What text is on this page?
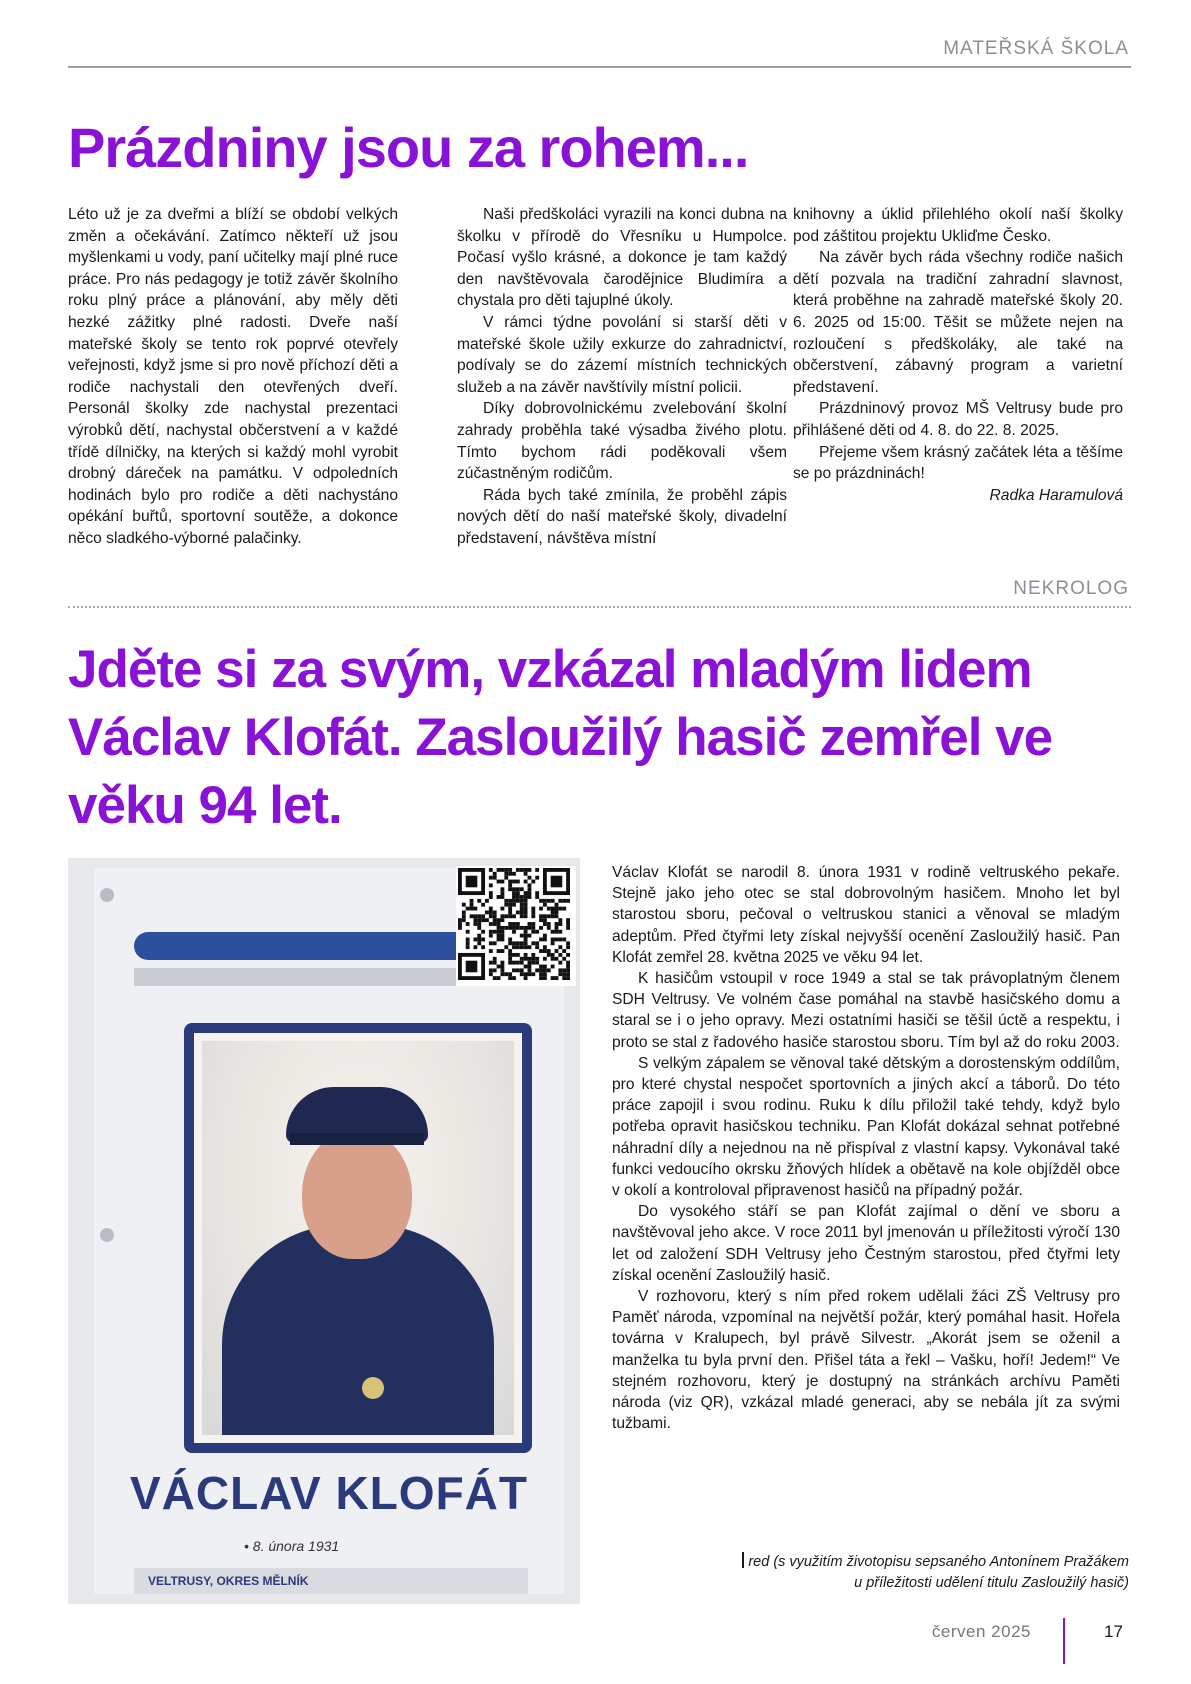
MATEŘSKÁ ŠKOLA
Prázdniny jsou za rohem...

Léto už je za dveřmi a blíží se období velkých změn a očekávání. Zatímco někteří už jsou myšlenkami u vody, paní učitelky mají plné ruce práce. Pro nás pedagogy je totiž závěr školního roku plný práce a plánování, aby měly děti hezké zážitky plné radosti. Dveře naší mateřské školy se tento rok poprvé otevřely veřejnosti, když jsme si pro nově příchozí děti a rodiče nachystali den otevřených dveří. Personál školky zde nachystal prezentaci výrobků dětí, nachystal občerstvení a v každé třídě dílničky, na kterých si každý mohl vyrobit drobný dáreček na památku. V odpoledních hodinách bylo pro rodiče a děti nachystáno opékání buřtů, sportovní soutěže, a dokonce něco sladkého-výborné palačinky.

Naši předškoláci vyrazili na konci dubna na školku v přírodě do Vřesníku u Humpolce. Počasí vyšlo krásné, a dokonce je tam každý den navštěvovala čarodějnice Bludimíra a chystala pro děti tajuplné úkoly.

V rámci týdne povolání si starší děti v mateřské škole užily exkurze do zahradnictví, podívaly se do zázemí místních technických služeb a na závěr navštívily místní policii.

Díky dobrovolnickému zvelebování školní zahrady proběhla také výsadba živého plotu. Tímto bychom rádi poděkovali všem zúčastněným rodičům.

Ráda bych také zmínila, že proběhl zápis nových dětí do naší mateřské školy, divadelní představení, návštěva místní

knihovny a úklid přilehlého okolí naší školky pod záštitou projektu Ukliďme Česko.

Na závěr bych ráda všechny rodiče našich dětí pozvala na tradiční zahradní slavnost, která proběhne na zahradě mateřské školy 20. 6. 2025 od 15:00. Těšit se můžete nejen na rozloučení s předškoláky, ale také na občerstvení, zábavný program a varietní představení.

Prázdninový provoz MŠ Veltrusy bude pro přihlášené děti od 4. 8. do 22. 8. 2025.

Přejeme všem krásný začátek léta a těšíme se po prázdninách!

Radka Haramulová

NEKROLOG
Jděte si za svým, vzkázal mladým lidem Václav Klofát. Zasloužilý hasič zemřel ve věku 94 let.
VÁCLAV KLOFÁT
• 8. února 1931
VELTRUSY, OKRES MĚLNÍK

Václav Klofát se narodil 8. února 1931 v rodině veltruského pekaře. Stejně jako jeho otec se stal dobrovolným hasičem. Mnoho let byl starostou sboru, pečoval o veltruskou stanici a věnoval se mladým adeptům. Před čtyřmi lety získal nejvyšší ocenění Zasloužilý hasič. Pan Klofát zemřel 28. května 2025 ve věku 94 let.

K hasičům vstoupil v roce 1949 a stal se tak právoplatným členem SDH Veltrusy. Ve volném čase pomáhal na stavbě hasičského domu a staral se i o jeho opravy. Mezi ostatními hasiči se těšil úctě a respektu, i proto se stal z řadového hasiče starostou sboru. Tím byl až do roku 2003.

S velkým zápalem se věnoval také dětským a dorostenským oddílům, pro které chystal nespočet sportovních a jiných akcí a táborů. Do této práce zapojil i svou rodinu. Ruku k dílu přiložil také tehdy, když bylo potřeba opravit hasičskou techniku. Pan Klofát dokázal sehnat potřebné náhradní díly a nejednou na ně přispíval z vlastní kapsy. Vykonával také funkci vedoucího okrsku žňových hlídek a obětavě na kole objížděl obce v okolí a kontroloval připravenost hasičů na případný požár.

Do vysokého stáří se pan Klofát zajímal o dění ve sboru a navštěvoval jeho akce. V roce 2011 byl jmenován u příležitosti výročí 130 let od založení SDH Veltrusy jeho Čestným starostou, před čtyřmi lety získal ocenění Zasloužilý hasič.

V rozhovoru, který s ním před rokem udělali žáci ZŠ Veltrusy pro Paměť národa, vzpomínal na největší požár, který pomáhal hasit. Hořela továrna v Kralupech, byl právě Silvestr. „Akorát jsem se oženil a manželka tu byla první den. Přišel táta a řekl – Vašku, hoří! Jedem!“ Ve stejném rozhovoru, který je dostupný na stránkách archívu Paměti národa (viz QR), vzkázal mladé generaci, aby se nebála jít za svými tužbami.

red (s využitím životopisu sepsaného Antonínem Pražákem
u příležitosti udělení titulu Zasloužilý hasič)
červen 2025	17
